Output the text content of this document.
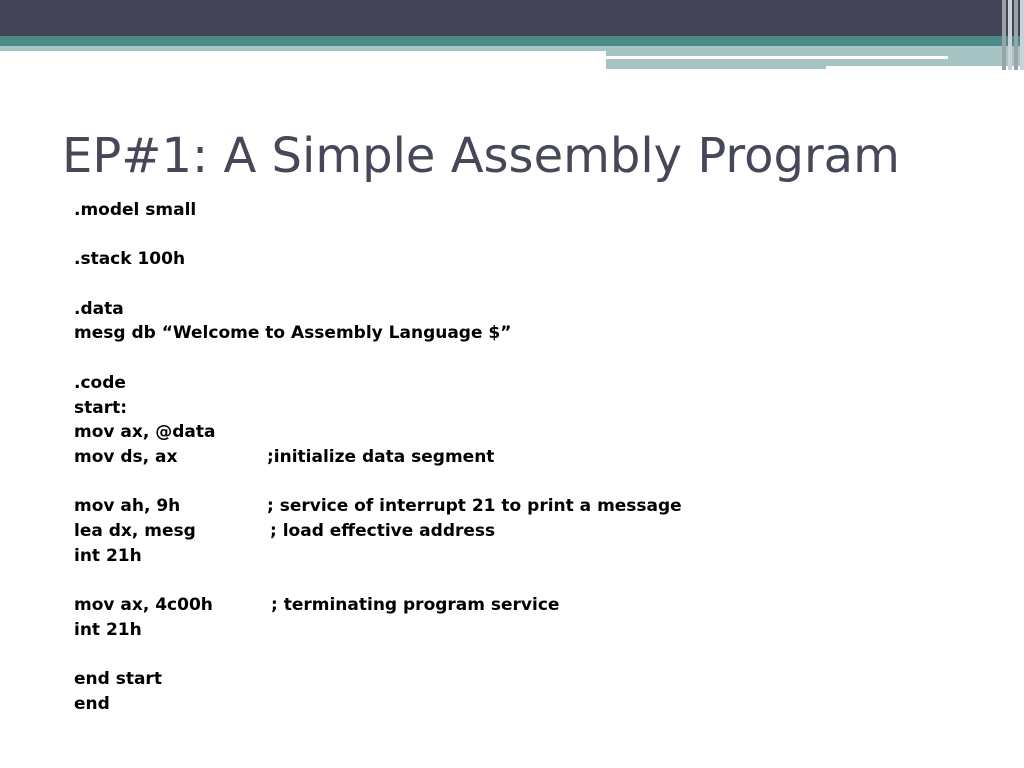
EP#1: A Simple Assembly Program
.model small
.stack 100h
.data
mesg db “Welcome to Assembly Language $”
.code
start:
mov ax, @data
mov ds, ax	;initialize data segment
mov ah, 9h	; service of interrupt 21 to print a message
lea dx, mesg	; load effective address
int 21h
mov ax, 4c00h	; terminating program service
int 21h
end start
end
